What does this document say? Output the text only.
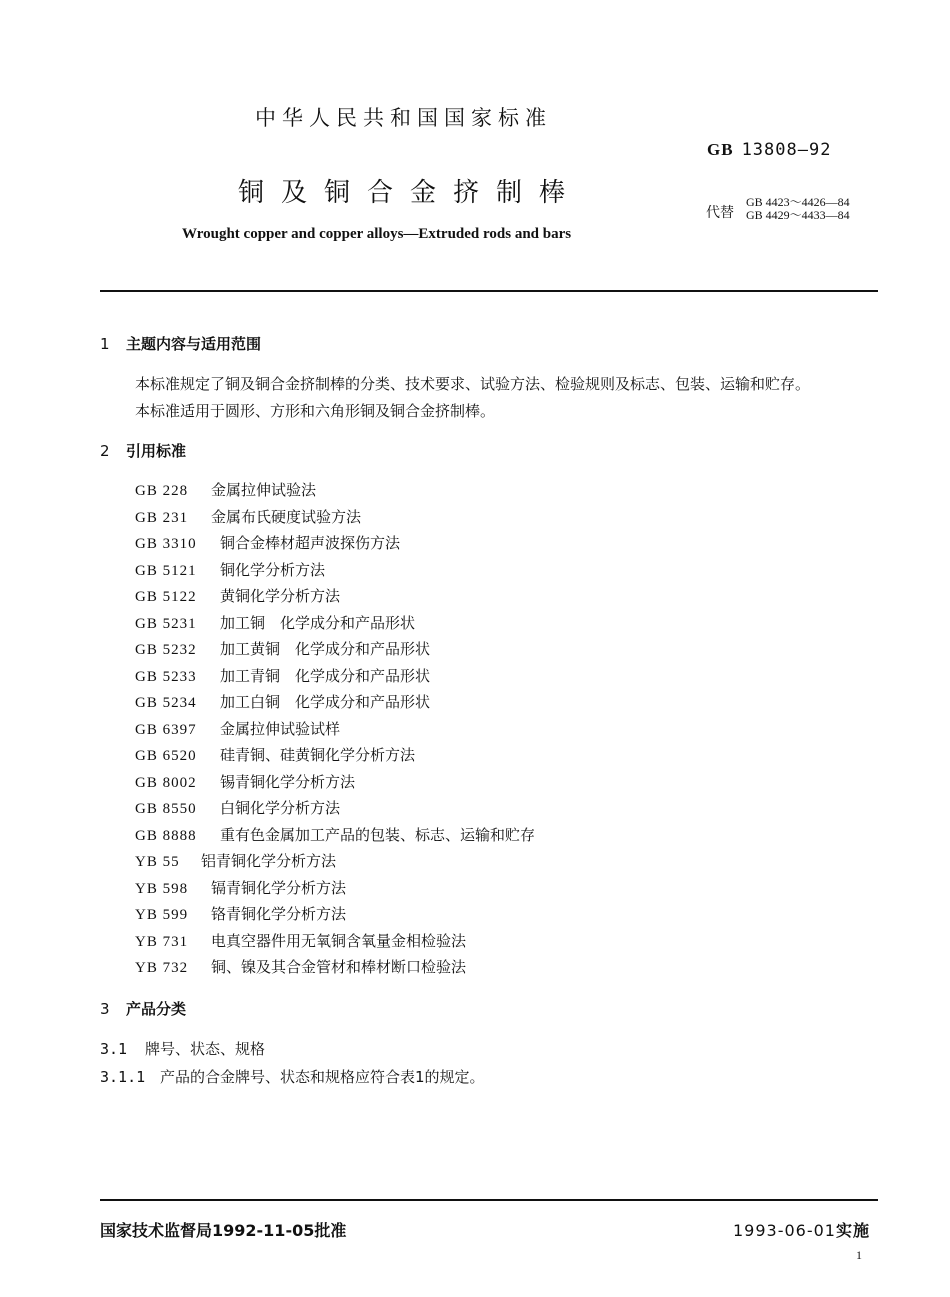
中华人民共和国国家标准
GB 13808—92
铜及铜合金挤制棒
代替
GB 4423～4426—84
GB 4429～4433—84
Wrought copper and copper alloys—Extruded rods and bars
1 主题内容与适用范围
本标准规定了铜及铜合金挤制棒的分类、技术要求、试验方法、检验规则及标志、包装、运输和贮存。
本标准适用于圆形、方形和六角形铜及铜合金挤制棒。
2 引用标准
GB 228 金属拉伸试验法
GB 231 金属布氏硬度试验方法
GB 3310 铜合金棒材超声波探伤方法
GB 5121 铜化学分析方法
GB 5122 黄铜化学分析方法
GB 5231 加工铜　化学成分和产品形状
GB 5232 加工黄铜　化学成分和产品形状
GB 5233 加工青铜　化学成分和产品形状
GB 5234 加工白铜　化学成分和产品形状
GB 6397 金属拉伸试验试样
GB 6520 硅青铜、硅黄铜化学分析方法
GB 8002 锡青铜化学分析方法
GB 8550 白铜化学分析方法
GB 8888 重有色金属加工产品的包装、标志、运输和贮存
YB 55 铝青铜化学分析方法
YB 598 镉青铜化学分析方法
YB 599 铬青铜化学分析方法
YB 731 电真空器件用无氧铜含氧量金相检验法
YB 732 铜、镍及其合金管材和棒材断口检验法
3 产品分类
3.1 牌号、状态、规格
3.1.1 产品的合金牌号、状态和规格应符合表1的规定。
国家技术监督局1992-11-05批准	1993-06-01实施
1
